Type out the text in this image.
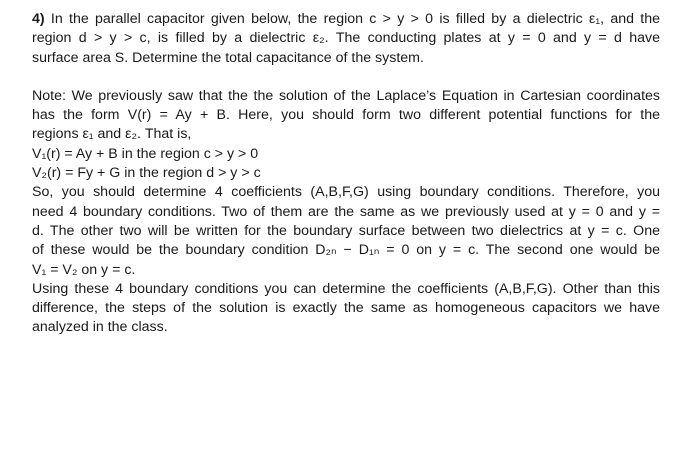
4) In the parallel capacitor given below, the region c > y > 0 is filled by a dielectric ε₁, and the
region d > y > c, is filled by a dielectric ε₂. The conducting plates at y = 0 and y = d have
surface area S. Determine the total capacitance of the system.
Note: We previously saw that the the solution of the Laplace’s Equation in Cartesian coordinates
has the form V(r) = Ay + B. Here, you should form two different potential functions for the
regions ε₁ and ε₂. That is,
V₁(r) = Ay + B in the region c > y > 0
V₂(r) = Fy + G in the region d > y > c
So, you should determine 4 coefficients (A,B,F,G) using boundary conditions. Therefore, you
need 4 boundary conditions. Two of them are the same as we previously used at y = 0 and y =
d. The other two will be written for the boundary surface between two dielectrics at y = c. One
of these would be the boundary condition D₂ₙ − D₁ₙ = 0 on y = c. The second one would be
V₁ = V₂ on y = c.
Using these 4 boundary conditions you can determine the coefficients (A,B,F,G). Other than this
difference, the steps of the solution is exactly the same as homogeneous capacitors we have
analyzed in the class.
